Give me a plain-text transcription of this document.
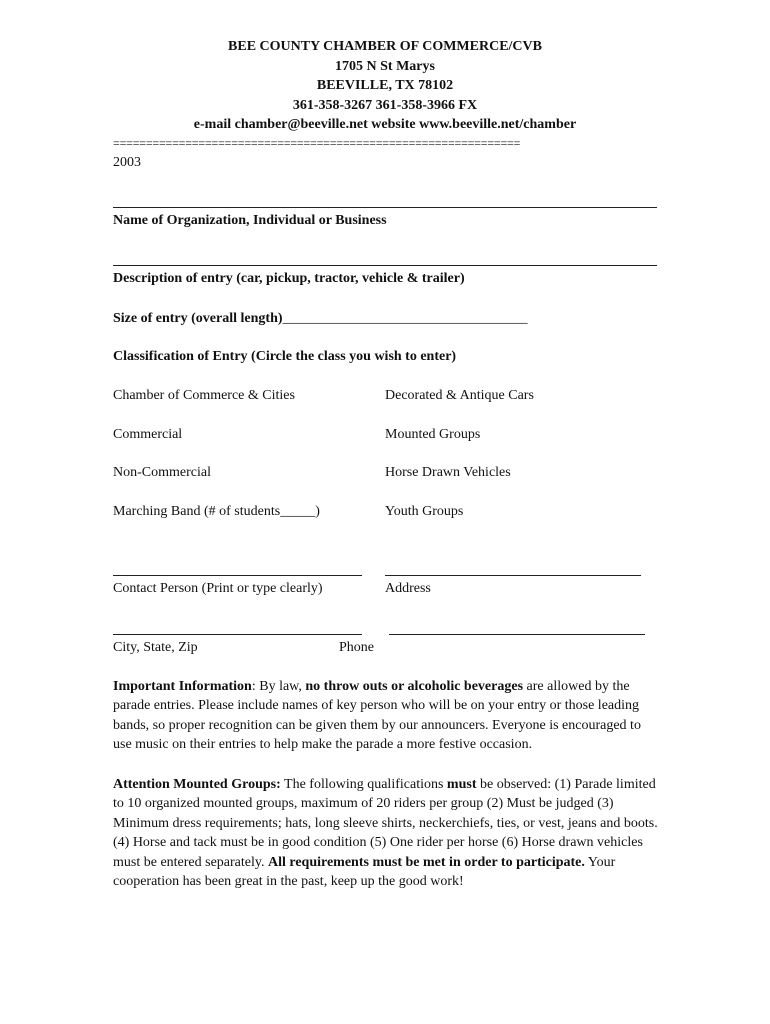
BEE COUNTY CHAMBER OF COMMERCE/CVB
1705 N St Marys
BEEVILLE, TX 78102
361-358-3267 361-358-3966 FX
e-mail chamber@beeville.net website www.beeville.net/chamber
==============================================================
2003
Name of Organization, Individual or Business
Description of entry (car, pickup, tractor, vehicle & trailer)
Size of entry (overall length)___________________________________
Classification of Entry (Circle the class you wish to enter)
Chamber of Commerce & Cities	Decorated & Antique Cars
Commercial	Mounted Groups
Non-Commercial	Horse Drawn Vehicles
Marching Band (# of students_____)	Youth Groups
Contact Person (Print or type clearly)	Address
City, State, Zip	Phone
Important Information: By law, no throw outs or alcoholic beverages are allowed by the parade entries. Please include names of key person who will be on your entry or those leading bands, so proper recognition can be given them by our announcers. Everyone is encouraged to use music on their entries to help make the parade a more festive occasion.
Attention Mounted Groups: The following qualifications must be observed: (1) Parade limited to 10 organized mounted groups, maximum of 20 riders per group (2) Must be judged (3) Minimum dress requirements; hats, long sleeve shirts, neckerchiefs, ties, or vest, jeans and boots. (4) Horse and tack must be in good condition (5) One rider per horse (6) Horse drawn vehicles must be entered separately. All requirements must be met in order to participate. Your cooperation has been great in the past, keep up the good work!
